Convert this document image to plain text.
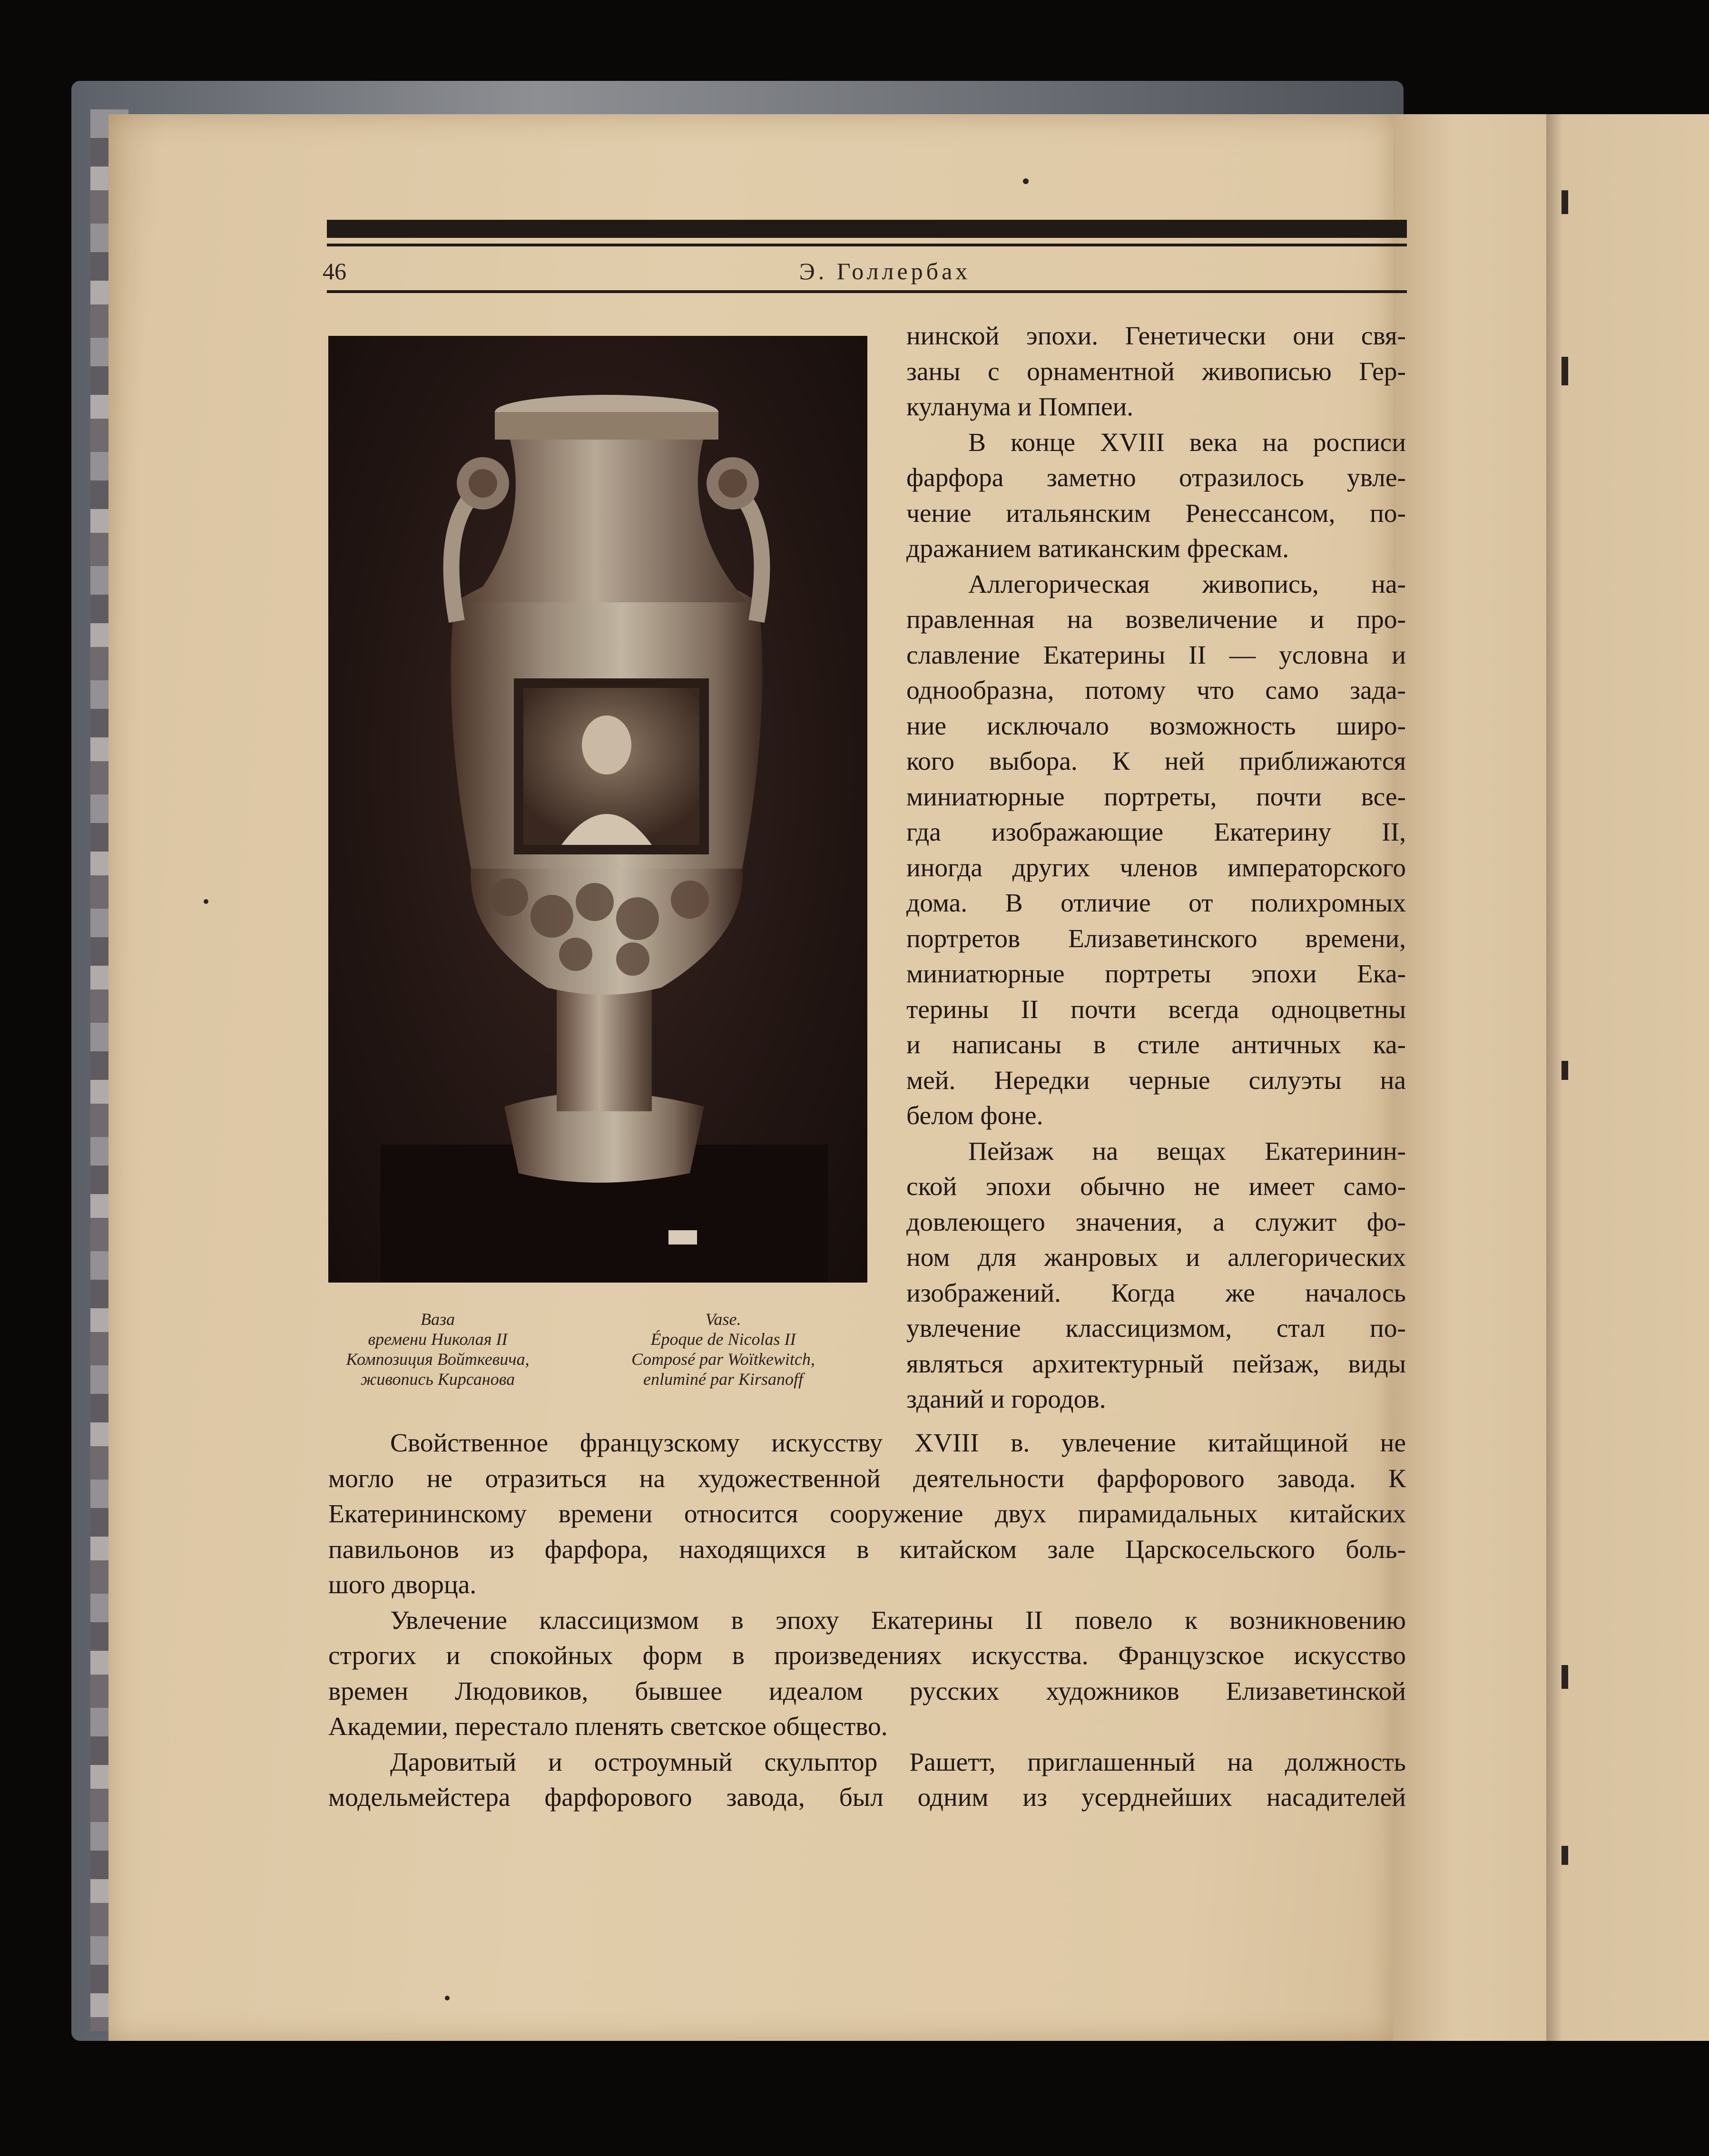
46	Э. Голлербах
Ваза
времени Николая II
Композиция Войткевича,
живопись Кирсанова
Vase.
Époque de Nicolas II
Composé par Woïtkewitch,
enluminé par Kirsanoff
нинской эпохи. Генетически они свя-
заны с орнаментной живописью Гер-
куланума и Помпеи.
В конце XVIII века на росписи
фарфора заметно отразилось увле-
чение итальянским Ренессансом, по-
дражанием ватиканским фрескам.
Аллегорическая живопись, на-
правленная на возвеличение и про-
славление Екатерины II — условна и
однообразна, потому что само зада-
ние исключало возможность широ-
кого выбора. К ней приближаются
миниатюрные портреты, почти все-
гда изображающие Екатерину II,
иногда других членов императорского
дома. В отличие от полихромных
портретов Елизаветинского времени,
миниатюрные портреты эпохи Ека-
терины II почти всегда одноцветны
и написаны в стиле античных ка-
мей. Нередки черные силуэты на
белом фоне.
Пейзаж на вещах Екатеринин-
ской эпохи обычно не имеет само-
довлеющего значения, а служит фо-
ном для жанровых и аллегорических
изображений. Когда же началось
увлечение классицизмом, стал по-
являться архитектурный пейзаж, виды
зданий и городов.
Свойственное французскому искусству XVIII в. увлечение китайщиной не
могло не отразиться на художественной деятельности фарфорового завода. К
Екатерининскому времени относится сооружение двух пирамидальных китайских
павильонов из фарфора, находящихся в китайском зале Царскосельского боль-
шого дворца.
Увлечение классицизмом в эпоху Екатерины II повело к возникновению
строгих и спокойных форм в произведениях искусства. Французское искусство
времен Людовиков, бывшее идеалом русских художников Елизаветинской
Академии, перестало пленять светское общество.
Даровитый и остроумный скульптор Рашетт, приглашенный на должность
модельмейстера фарфорового завода, был одним из усерднейших насадителей
